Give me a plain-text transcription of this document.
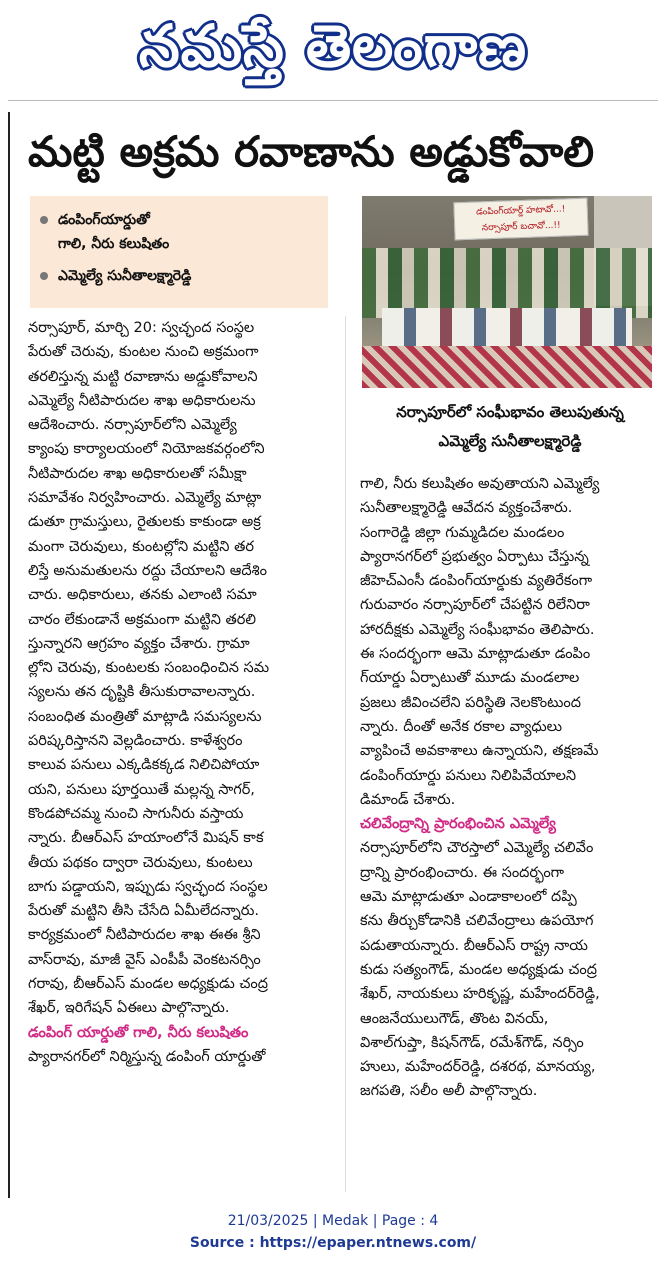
నమస్తే తెలంగాణ
మట్టి అక్రమ రవాణాను అడ్డుకోవాలి
డంపింగ్‌యార్డుతో
గాలి, నీరు కలుషితం
ఎమ్మెల్యే సునీతాలక్ష్మారెడ్డి
నర్సాపూర్, మార్చి 20: స్వచ్ఛంద సంస్థల
పేరుతో చెరువు, కుంటల నుంచి అక్రమంగా
తరలిస్తున్న మట్టి రవాణాను అడ్డుకోవాలని
ఎమ్మెల్యే నీటిపారుదల శాఖ అధికారులను
ఆదేశించారు. నర్సాపూర్‌లోని ఎమ్మెల్యే
క్యాంపు కార్యాలయంలో నియోజకవర్గంలోని
నీటిపారుదల శాఖ అధికారులతో సమీక్షా
సమావేశం నిర్వహించారు. ఎమ్మెల్యే మాట్లా
డుతూ గ్రామస్తులు, రైతులకు కాకుండా అక్ర
మంగా చెరువులు, కుంటల్లోని మట్టిని తర
లిస్తే అనుమతులను రద్దు చేయాలని ఆదేశిం
చారు. అధికారులు, తనకు ఎలాంటి సమా
చారం లేకుండానే అక్రమంగా మట్టిని తరలి
స్తున్నారని ఆగ్రహం వ్యక్తం చేశారు. గ్రామా
ల్లోని చెరువు, కుంటలకు సంబంధించిన సమ
స్యలను తన దృష్టికి తీసుకురావాలన్నారు.
సంబంధిత మంత్రితో మాట్లాడి సమస్యలను
పరిష్కరిస్తానని వెల్లడించారు. కాళేశ్వరం
కాలువ పనులు ఎక్కడికక్కడ నిలిచిపోయా
యని, పనులు పూర్తయితే మల్లన్న సాగర్,
కొండపోచమ్మ నుంచి సాగునీరు వస్తాయ
న్నారు. బీఆర్‌ఎస్ హయాంలోనే మిషన్ కాక
తీయ పథకం ద్వారా చెరువులు, కుంటలు
బాగు పడ్డాయని, ఇప్పుడు స్వచ్ఛంద సంస్థల
పేరుతో మట్టిని తీసి చేసేది ఏమీలేదన్నారు.
కార్యక్రమంలో నీటిపారుదల శాఖ ఈఈ శ్రీని
వాస్‌రావు, మాజీ వైస్ ఎంపీపీ వెంకటనర్సిం
గరావు, బీఆర్‌ఎస్ మండల అధ్యక్షుడు చంద్ర
శేఖర్, ఇరిగేషన్ ఏఈలు పాల్గొన్నారు.
డంపింగ్ యార్డుతో గాలి, నీరు కలుషితం
ప్యారానగర్‌లో నిర్మిస్తున్న డంపింగ్ యార్డుతో
డంపింగ్‌యార్డ్ హటావో...!
నర్సాపూర్ బచావో...!!
నర్సాపూర్‌లో సంఘీభావం తెలుపుతున్న
ఎమ్మెల్యే సునీతాలక్ష్మారెడ్డి
గాలి, నీరు కలుషితం అవుతాయని ఎమ్మెల్యే
సునీతాలక్ష్మారెడ్డి ఆవేదన వ్యక్తంచేశారు.
సంగారెడ్డి జిల్లా గుమ్మడిదల మండలం
ప్యారానగర్‌లో ప్రభుత్వం ఏర్పాటు చేస్తున్న
జీహెచ్‌ఎంసీ డంపింగ్‌యార్డుకు వ్యతిరేకంగా
గురువారం నర్సాపూర్‌లో చేపట్టిన రిలేనిరా
హారదీక్షకు ఎమ్మెల్యే సంఘీభావం తెలిపారు.
ఈ సందర్భంగా ఆమె మాట్లాడుతూ డంపిం
గ్‌యార్డు ఏర్పాటుతో మూడు మండలాల
ప్రజలు జీవించలేని పరిస్థితి నెలకొంటుంద
న్నారు. దీంతో అనేక రకాల వ్యాధులు
వ్యాపించే అవకాశాలు ఉన్నాయని, తక్షణమే
డంపింగ్‌యార్డు పనులు నిలిపివేయాలని
డిమాండ్ చేశారు.
చలివేంద్రాన్ని ప్రారంభించిన ఎమ్మెల్యే
నర్సాపూర్‌లోని చౌరస్తాలో ఎమ్మెల్యే చలివేం
ద్రాన్ని ప్రారంభించారు. ఈ సందర్భంగా
ఆమె మాట్లాడుతూ ఎండాకాలంలో దప్పి
కను తీర్చుకోడానికి చలివేంద్రాలు ఉపయోగ
పడుతాయన్నారు. బీఆర్‌ఎస్ రాష్ట్ర నాయ
కుడు సత్యంగౌడ్, మండల అధ్యక్షుడు చంద్ర
శేఖర్, నాయకులు హరికృష్ణ, మహేందర్‌రెడ్డి,
ఆంజనేయులుగౌడ్, తొంట వినయ్,
విశాల్‌గుప్తా, కిషన్‌గౌడ్, రమేశ్‌గౌడ్, నర్సిం
హులు, మహేందర్‌రెడ్డి, దశరథ, మానయ్య,
జగపతి, సలీం అలీ పాల్గొన్నారు.
21/03/2025 | Medak | Page : 4
Source : https://epaper.ntnews.com/
